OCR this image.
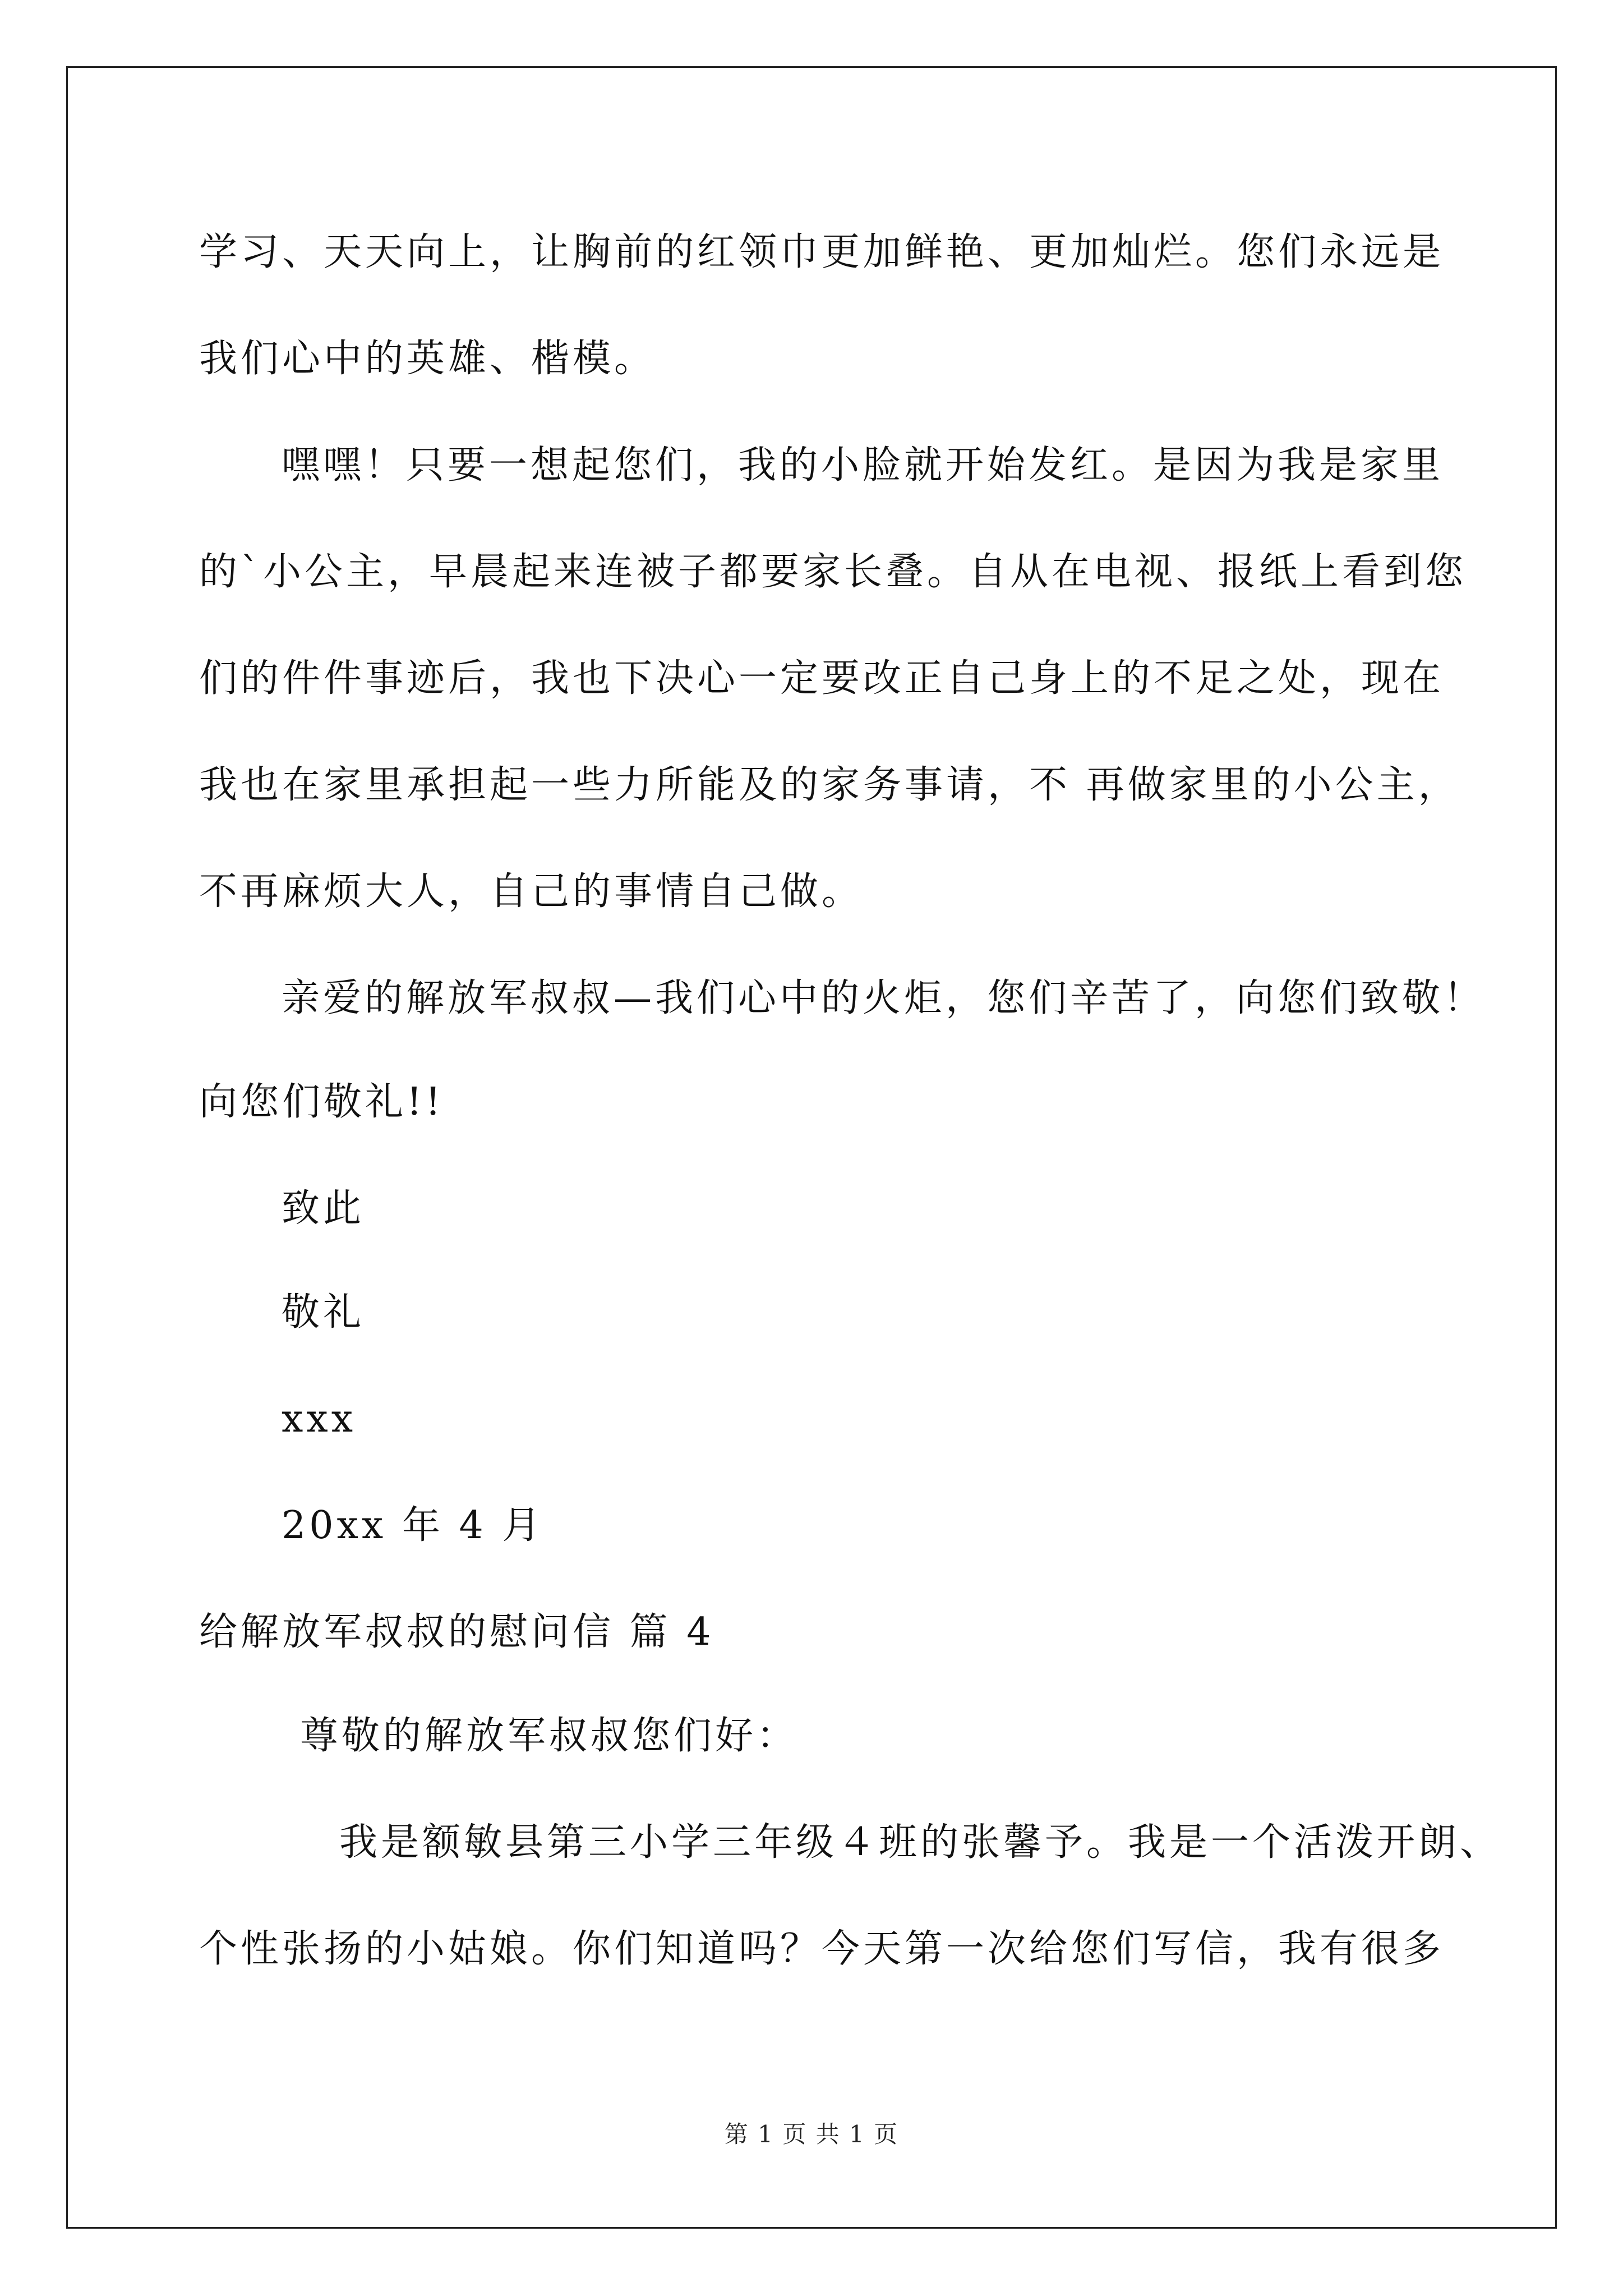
学习、天天向上，让胸前的红领巾更加鲜艳、更加灿烂。您们永远是
我们心中的英雄、楷模。
嘿嘿！只要一想起您们，我的小脸就开始发红。是因为我是家里
的`小公主，早晨起来连被子都要家长叠。自从在电视、报纸上看到您
们的件件事迹后，我也下决心一定要改正自己身上的不足之处，现在
我也在家里承担起一些力所能及的家务事请，不 再做家里的小公主，
不再麻烦大人，自己的事情自己做。
亲爱的解放军叔叔—我们心中的火炬，您们辛苦了，向您们致敬！
向您们敬礼!!
致此
敬礼
xxx
20xx 年 4 月
给解放军叔叔的慰问信 篇 4
尊敬的解放军叔叔您们好：
我是额敏县第三小学三年级４班的张馨予。我是一个活泼开朗、
个性张扬的小姑娘。你们知道吗？今天第一次给您们写信，我有很多
第 1 页 共 1 页
